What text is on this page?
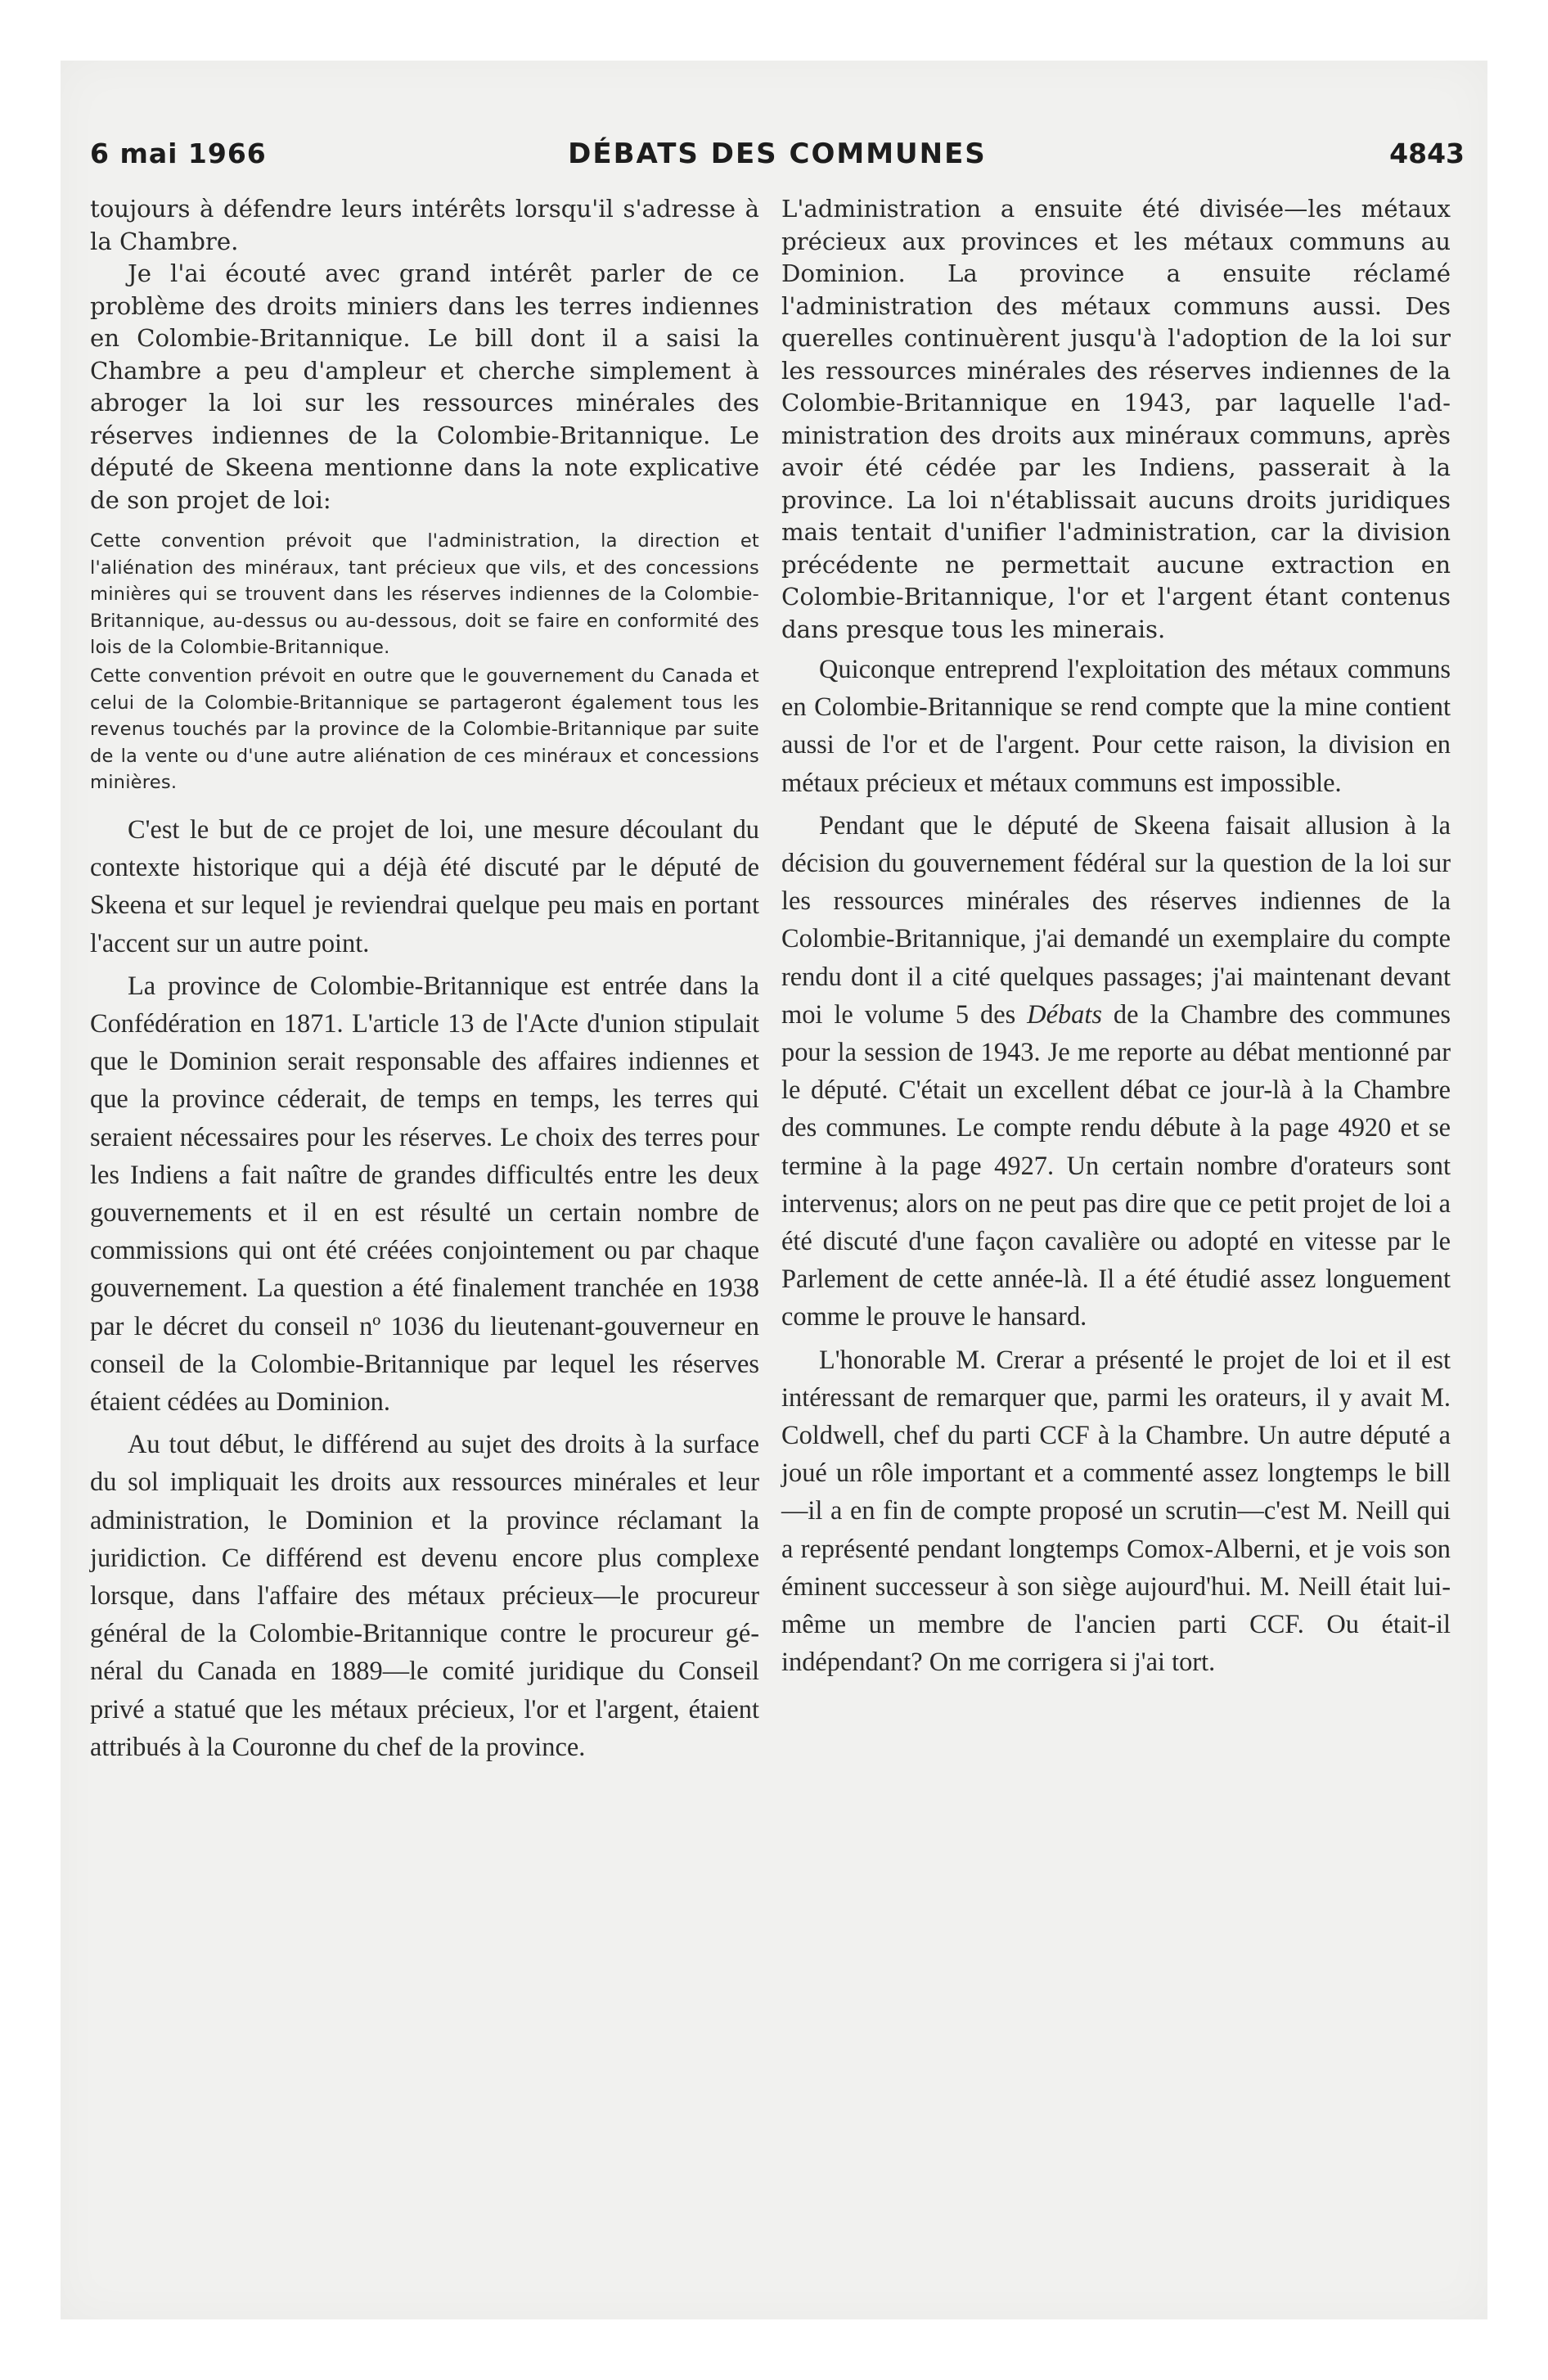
6 mai 1966	DÉBATS DES COMMUNES	4843

toujours à défendre leurs intérêts lorsqu'il s'adresse à la Chambre.

Je l'ai écouté avec grand intérêt parler de ce problème des droits miniers dans les terres indiennes en Colombie-Britannique. Le bill dont il a saisi la Chambre a peu d'ampleur et cherche simplement à abroger la loi sur les ressources minérales des réserves indiennes de la Colombie-Britannique. Le député de Skeena mentionne dans la note explicative de son projet de loi:

Cette convention prévoit que l'administration, la direction et l'aliénation des minéraux, tant précieux que vils, et des concessions minières qui se trouvent dans les réserves indiennes de la Colombie-Britannique, au-dessus ou au-dessous, doit se faire en conformité des lois de la Colombie-Britannique.

Cette convention prévoit en outre que le gouvernement du Canada et celui de la Colombie-Britannique se partageront également tous les revenus touchés par la province de la Colombie-Britannique par suite de la vente ou d'une autre aliénation de ces minéraux et concessions minières.

C'est le but de ce projet de loi, une mesure découlant du contexte historique qui a déjà été discuté par le député de Skeena et sur lequel je reviendrai quelque peu mais en portant l'accent sur un autre point.

La province de Colombie-Britannique est entrée dans la Confédération en 1871. L'article 13 de l'Acte d'union stipulait que le Dominion serait responsable des affaires indiennes et que la province céderait, de temps en temps, les terres qui seraient nécessaires pour les réserves. Le choix des terres pour les Indiens a fait naître de grandes difficultés entre les deux gouvernements et il en est résulté un certain nombre de commissions qui ont été créées conjointement ou par chaque gouvernement. La question a été finalement tranchée en 1938 par le décret du conseil nº 1036 du lieutenant-gouverneur en conseil de la Colombie-Britannique par lequel les réserves étaient cédées au Dominion.

Au tout début, le différend au sujet des droits à la surface du sol impliquait les droits aux ressources minérales et leur administration, le Dominion et la province réclamant la juridiction. Ce différend est devenu encore plus complexe lorsque, dans l'affaire des métaux précieux—le procureur général de la Colombie-Britannique contre le procureur général du Canada en 1889—le comité juridique du Conseil privé a statué que les métaux précieux, l'or et l'argent, étaient attribués à la Couronne du chef de la province.

L'administration a ensuite été divisée—les métaux précieux aux provinces et les métaux communs au Dominion. La province a ensuite réclamé l'administration des métaux communs aussi. Des querelles continuèrent jusqu'à l'adoption de la loi sur les ressources minérales des réserves indiennes de la Colombie-Britannique en 1943, par laquelle l'administration des droits aux minéraux communs, après avoir été cédée par les Indiens, passerait à la province. La loi n'établissait aucuns droits juridiques mais tentait d'unifier l'administration, car la division précédente ne permettait aucune extraction en Colombie-Britannique, l'or et l'argent étant contenus dans presque tous les minerais.

Quiconque entreprend l'exploitation des métaux communs en Colombie-Britannique se rend compte que la mine contient aussi de l'or et de l'argent. Pour cette raison, la division en métaux précieux et métaux communs est impossible.

Pendant que le député de Skeena faisait allusion à la décision du gouvernement fédéral sur la question de la loi sur les ressources minérales des réserves indiennes de la Colombie-Britannique, j'ai demandé un exemplaire du compte rendu dont il a cité quelques passages; j'ai maintenant devant moi le volume 5 des Débats de la Chambre des communes pour la session de 1943. Je me reporte au débat mentionné par le député. C'était un excellent débat ce jour-là à la Chambre des communes. Le compte rendu débute à la page 4920 et se termine à la page 4927. Un certain nombre d'orateurs sont intervenus; alors on ne peut pas dire que ce petit projet de loi a été discuté d'une façon cavalière ou adopté en vitesse par le Parlement de cette année-là. Il a été étudié assez longuement comme le prouve le hansard.

L'honorable M. Crerar a présenté le projet de loi et il est intéressant de remarquer que, parmi les orateurs, il y avait M. Coldwell, chef du parti CCF à la Chambre. Un autre député a joué un rôle important et a commenté assez longtemps le bill—il a en fin de compte proposé un scrutin—c'est M. Neill qui a représenté pendant longtemps Comox-Alberni, et je vois son éminent successeur à son siège aujourd'hui. M. Neill était lui-même un membre de l'ancien parti CCF. Ou était-il indépendant? On me corrigera si j'ai tort.
